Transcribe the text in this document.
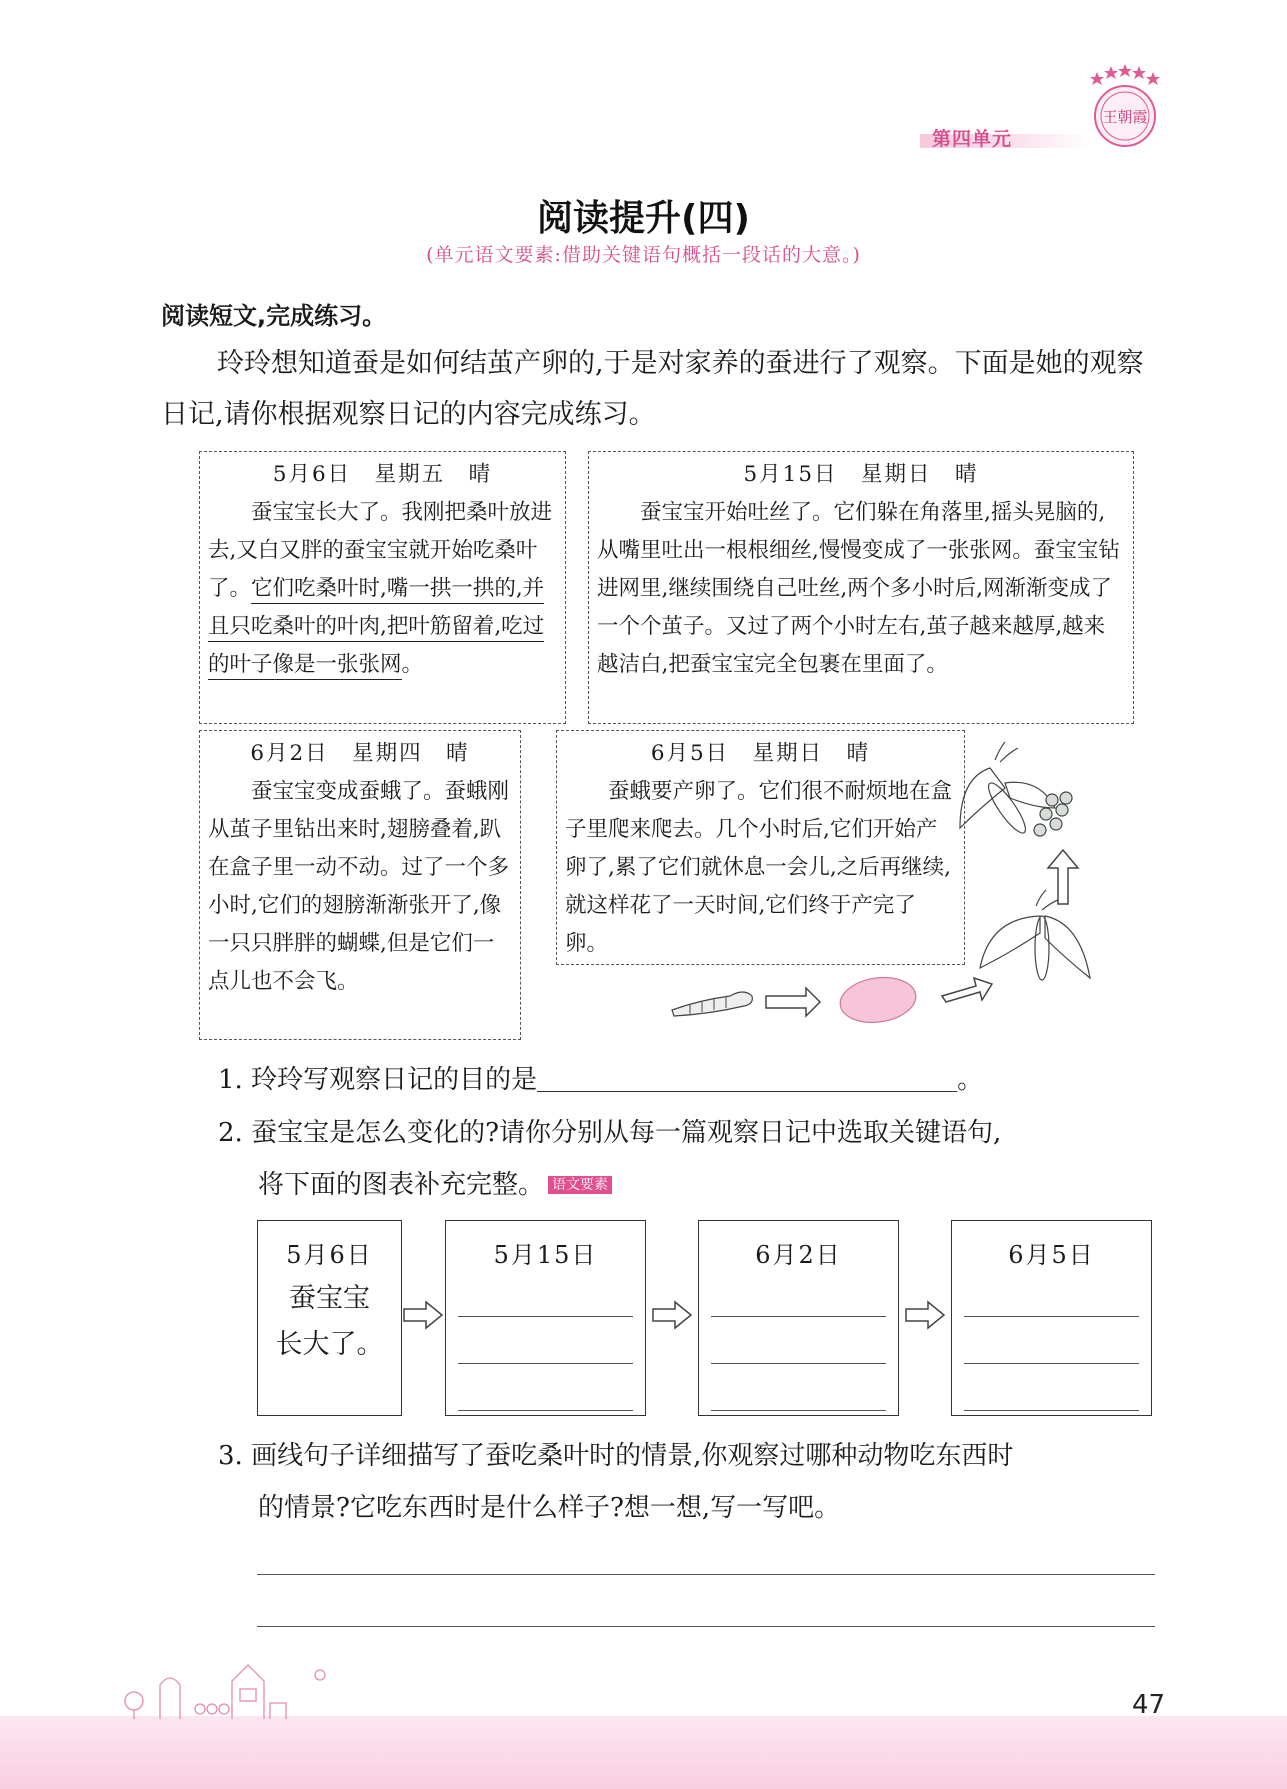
第四单元
王朝霞
阅读提升(四)
(单元语文要素:借助关键语句概括一段话的大意。)
阅读短文,完成练习。
玲玲想知道蚕是如何结茧产卵的,于是对家养的蚕进行了观察。下面是她的观察日记,请你根据观察日记的内容完成练习。
5月6日　星期五　晴
蚕宝宝长大了。我刚把桑叶放进去,又白又胖的蚕宝宝就开始吃桑叶了。它们吃桑叶时,嘴一拱一拱的,并且只吃桑叶的叶肉,把叶筋留着,吃过的叶子像是一张张网。
5月15日　星期日　晴
蚕宝宝开始吐丝了。它们躲在角落里,摇头晃脑的,从嘴里吐出一根根细丝,慢慢变成了一张张网。蚕宝宝钻进网里,继续围绕自己吐丝,两个多小时后,网渐渐变成了一个个茧子。又过了两个小时左右,茧子越来越厚,越来越洁白,把蚕宝宝完全包裹在里面了。
6月2日　星期四　晴
蚕宝宝变成蚕蛾了。蚕蛾刚从茧子里钻出来时,翅膀叠着,趴在盒子里一动不动。过了一个多小时,它们的翅膀渐渐张开了,像一只只胖胖的蝴蝶,但是它们一点儿也不会飞。
6月5日　星期日　晴
蚕蛾要产卵了。它们很不耐烦地在盒子里爬来爬去。几个小时后,它们开始产卵了,累了它们就休息一会儿,之后再继续,就这样花了一天时间,它们终于产完了卵。
1. 玲玲写观察日记的目的是	。
2. 蚕宝宝是怎么变化的?请你分别从每一篇观察日记中选取关键语句,
将下面的图表补充完整。 语文要素
5月6日
蚕宝宝
长大了。
5月15日	6月2日	6月5日
3. 画线句子详细描写了蚕吃桑叶时的情景,你观察过哪种动物吃东西时
的情景?它吃东西时是什么样子?想一想,写一写吧。
47
